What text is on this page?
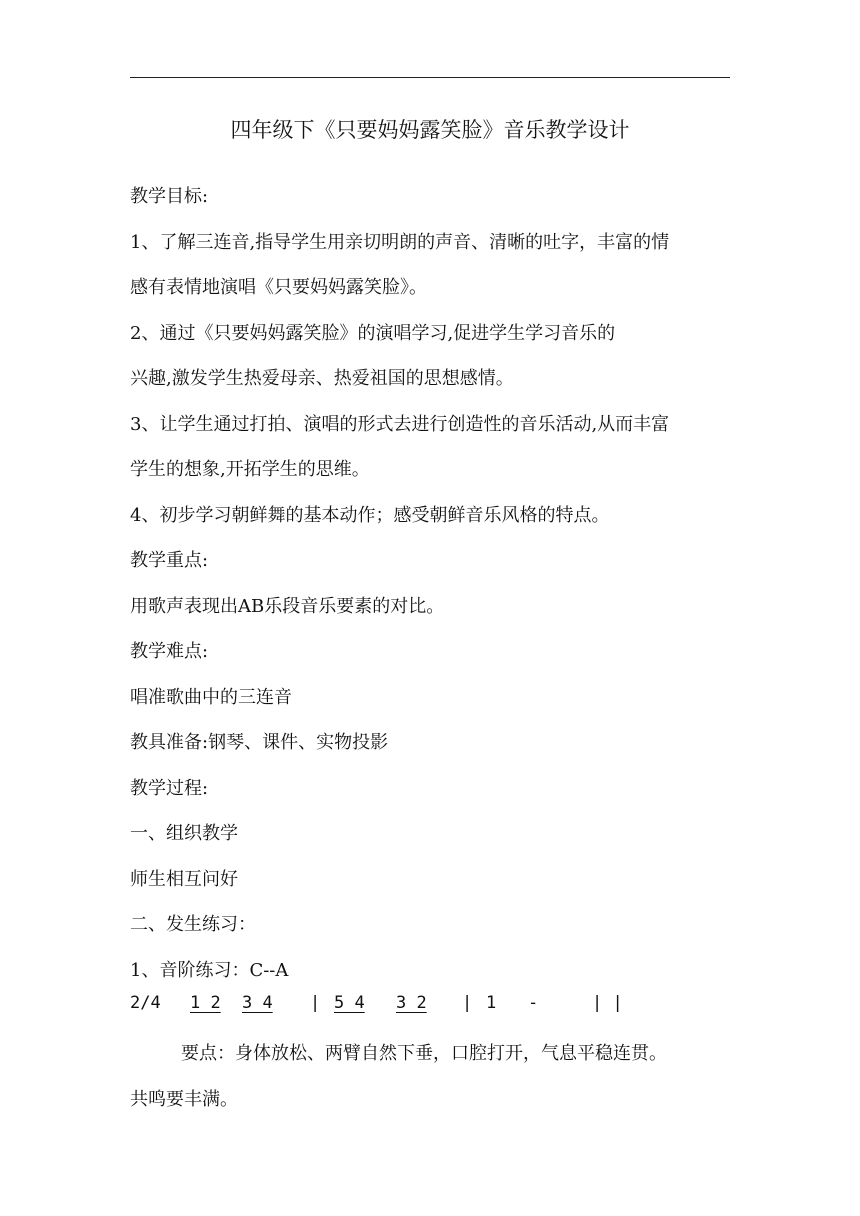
四年级下《只要妈妈露笑脸》音乐教学设计
教学目标:
1、了解三连音,指导学生用亲切明朗的声音、清晰的吐字，丰富的情
感有表情地演唱《只要妈妈露笑脸》。
2、通过《只要妈妈露笑脸》的演唱学习,促进学生学习音乐的
兴趣,激发学生热爱母亲、热爱祖国的思想感情。
3、让学生通过打拍、演唱的形式去进行创造性的音乐活动,从而丰富
学生的想象,开拓学生的思维。
4、初步学习朝鲜舞的基本动作；感受朝鲜音乐风格的特点。
教学重点:
用歌声表现出AB乐段音乐要素的对比。
教学难点:
唱准歌曲中的三连音
教具准备:钢琴、课件、实物投影
教学过程:
一、组织教学
师生相互问好
二、发生练习：
1、音阶练习：C--A
2/4 1 2 3 4 | 5 4 3 2 | 1 -	| |
要点：身体放松、两臂自然下垂，口腔打开，气息平稳连贯。
共鸣要丰满。
